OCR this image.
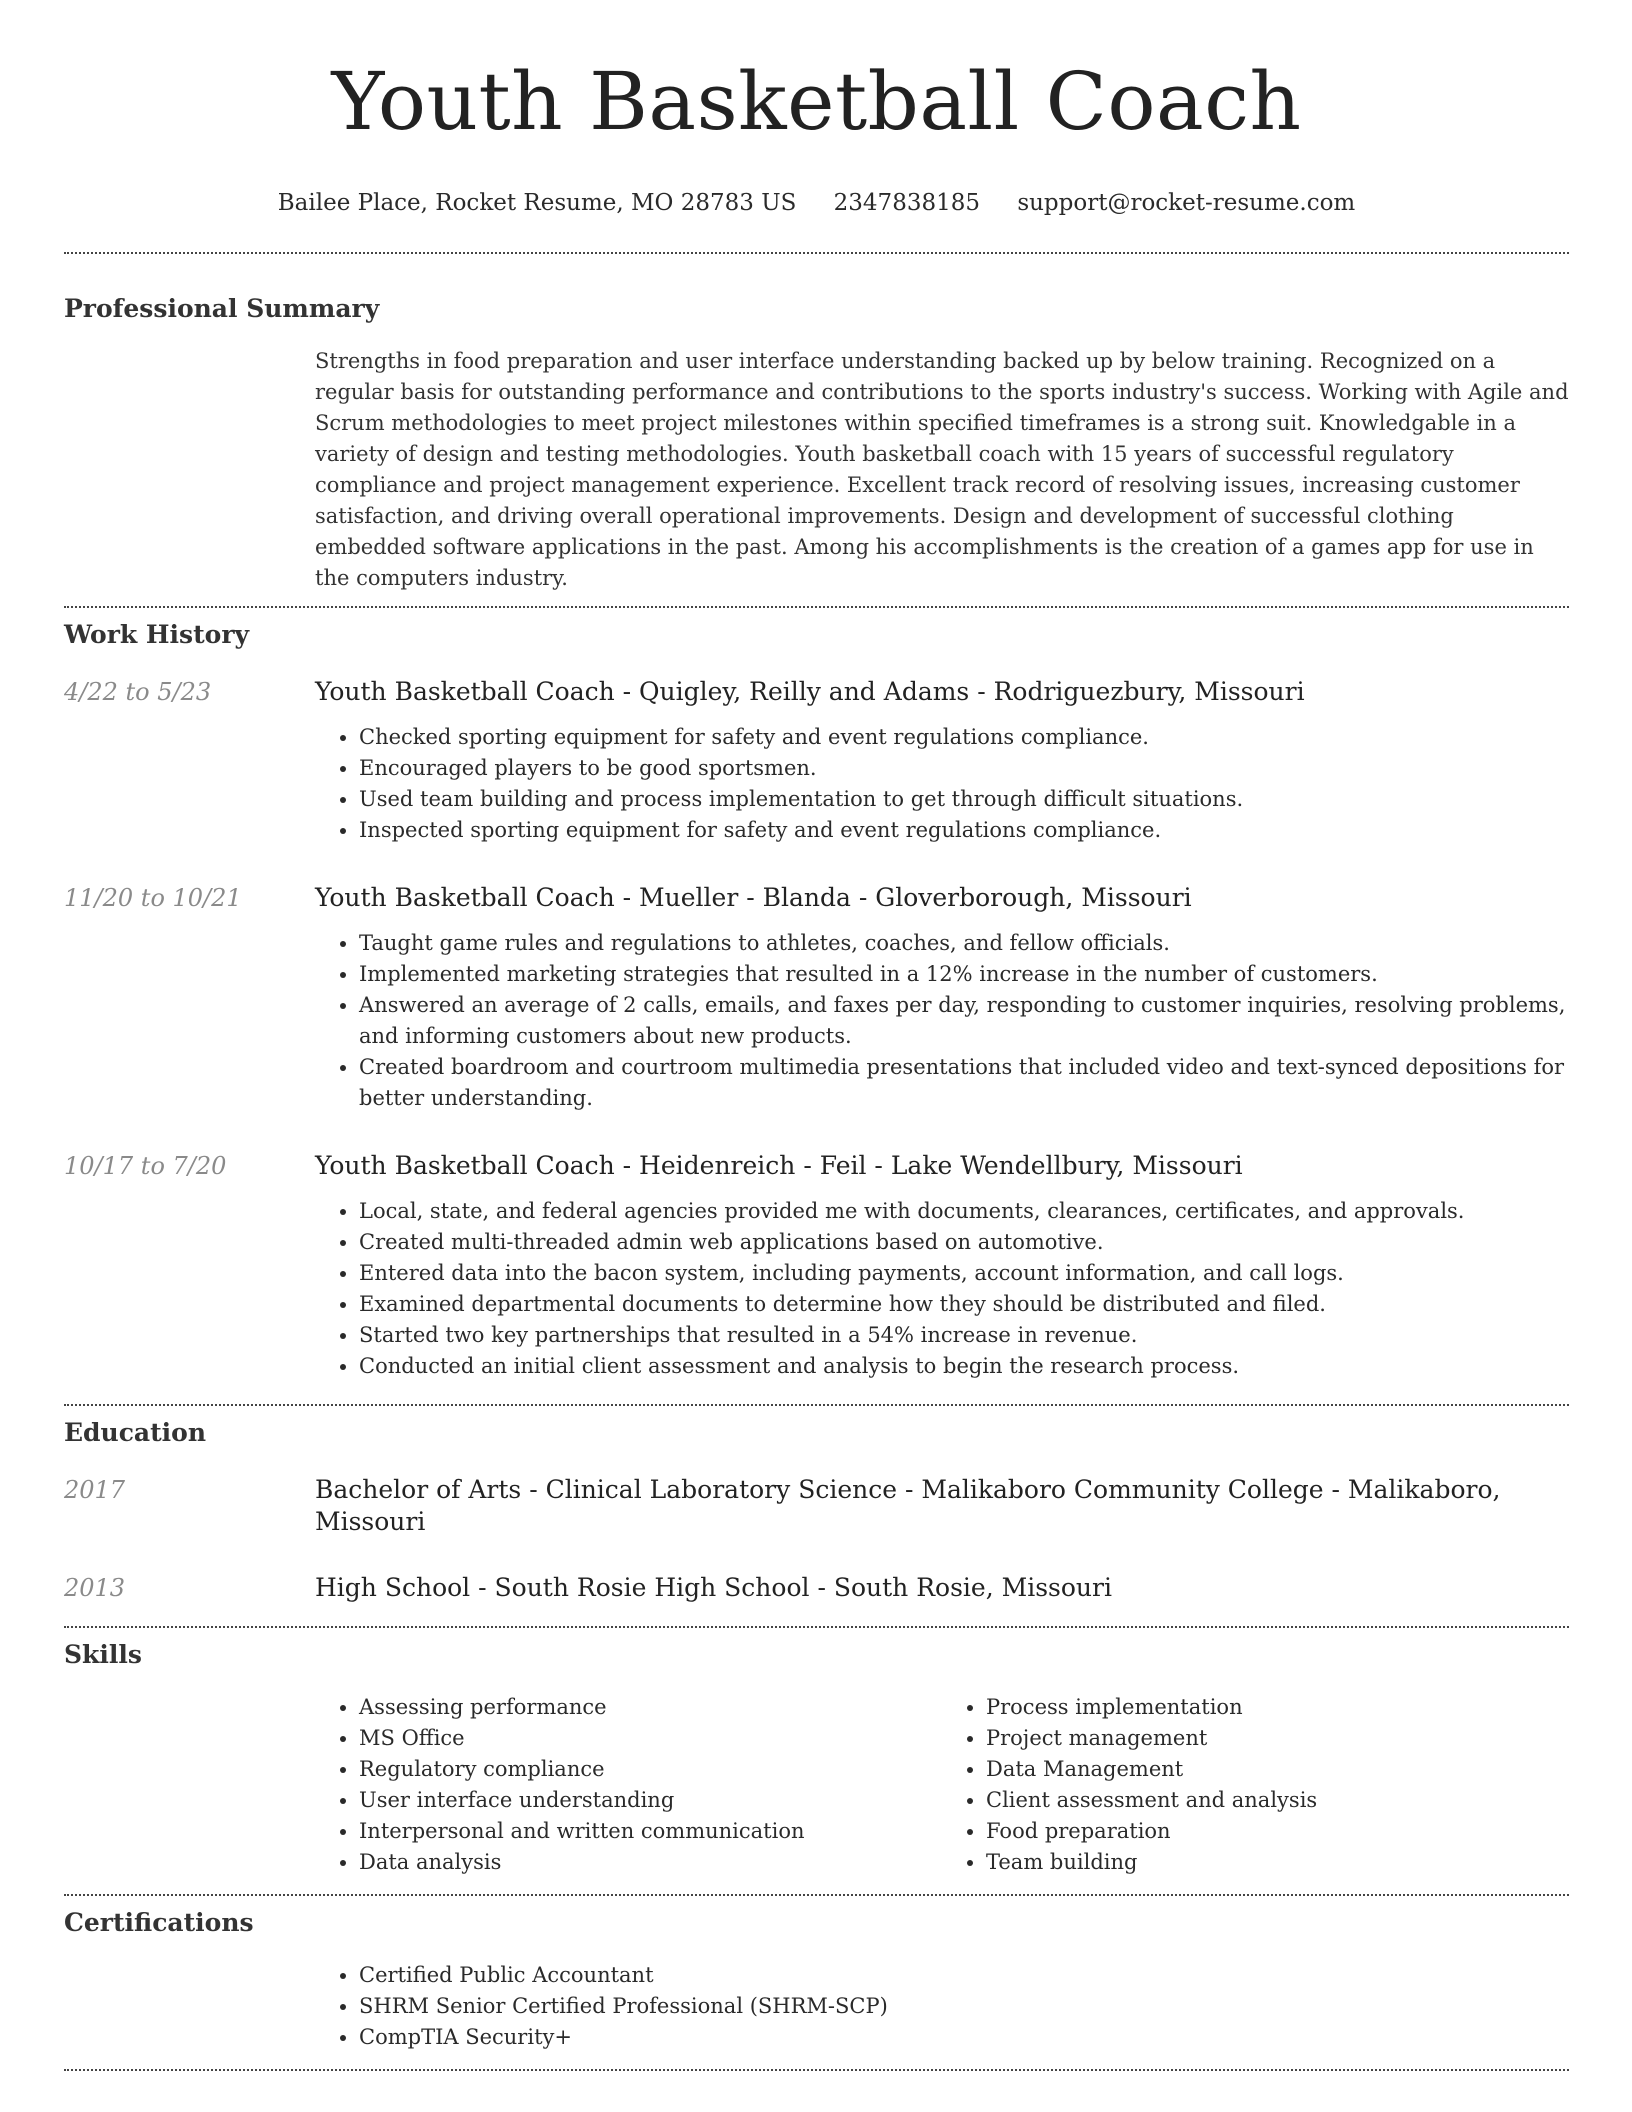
Youth Basketball Coach
Bailee Place, Rocket Resume, MO 28783 US 2347838185 support@rocket-resume.com
Professional Summary
Strengths in food preparation and user interface understanding backed up by below training. Recognized on a regular basis for outstanding performance and contributions to the sports industry's success. Working with Agile and Scrum methodologies to meet project milestones within specified timeframes is a strong suit. Knowledgable in a variety of design and testing methodologies. Youth basketball coach with 15 years of successful regulatory compliance and project management experience. Excellent track record of resolving issues, increasing customer satisfaction, and driving overall operational improvements. Design and development of successful clothing embedded software applications in the past. Among his accomplishments is the creation of a games app for use in the computers industry.
Work History
4/22 to 5/23	Youth Basketball Coach - Quigley, Reilly and Adams - Rodriguezbury, Missouri
• Checked sporting equipment for safety and event regulations compliance.
• Encouraged players to be good sportsmen.
• Used team building and process implementation to get through difficult situations.
• Inspected sporting equipment for safety and event regulations compliance.
11/20 to 10/21	Youth Basketball Coach - Mueller - Blanda - Gloverborough, Missouri
• Taught game rules and regulations to athletes, coaches, and fellow officials.
• Implemented marketing strategies that resulted in a 12% increase in the number of customers.
• Answered an average of 2 calls, emails, and faxes per day, responding to customer inquiries, resolving problems, and informing customers about new products.
• Created boardroom and courtroom multimedia presentations that included video and text-synced depositions for better understanding.
10/17 to 7/20	Youth Basketball Coach - Heidenreich - Feil - Lake Wendellbury, Missouri
• Local, state, and federal agencies provided me with documents, clearances, certificates, and approvals.
• Created multi-threaded admin web applications based on automotive.
• Entered data into the bacon system, including payments, account information, and call logs.
• Examined departmental documents to determine how they should be distributed and filed.
• Started two key partnerships that resulted in a 54% increase in revenue.
• Conducted an initial client assessment and analysis to begin the research process.
Education
2017	Bachelor of Arts - Clinical Laboratory Science - Malikaboro Community College - Malikaboro, Missouri
2013	High School - South Rosie High School - South Rosie, Missouri
Skills
• Assessing performance
• MS Office
• Regulatory compliance
• User interface understanding
• Interpersonal and written communication
• Data analysis
• Process implementation
• Project management
• Data Management
• Client assessment and analysis
• Food preparation
• Team building
Certifications
• Certified Public Accountant
• SHRM Senior Certified Professional (SHRM-SCP)
• CompTIA Security+
